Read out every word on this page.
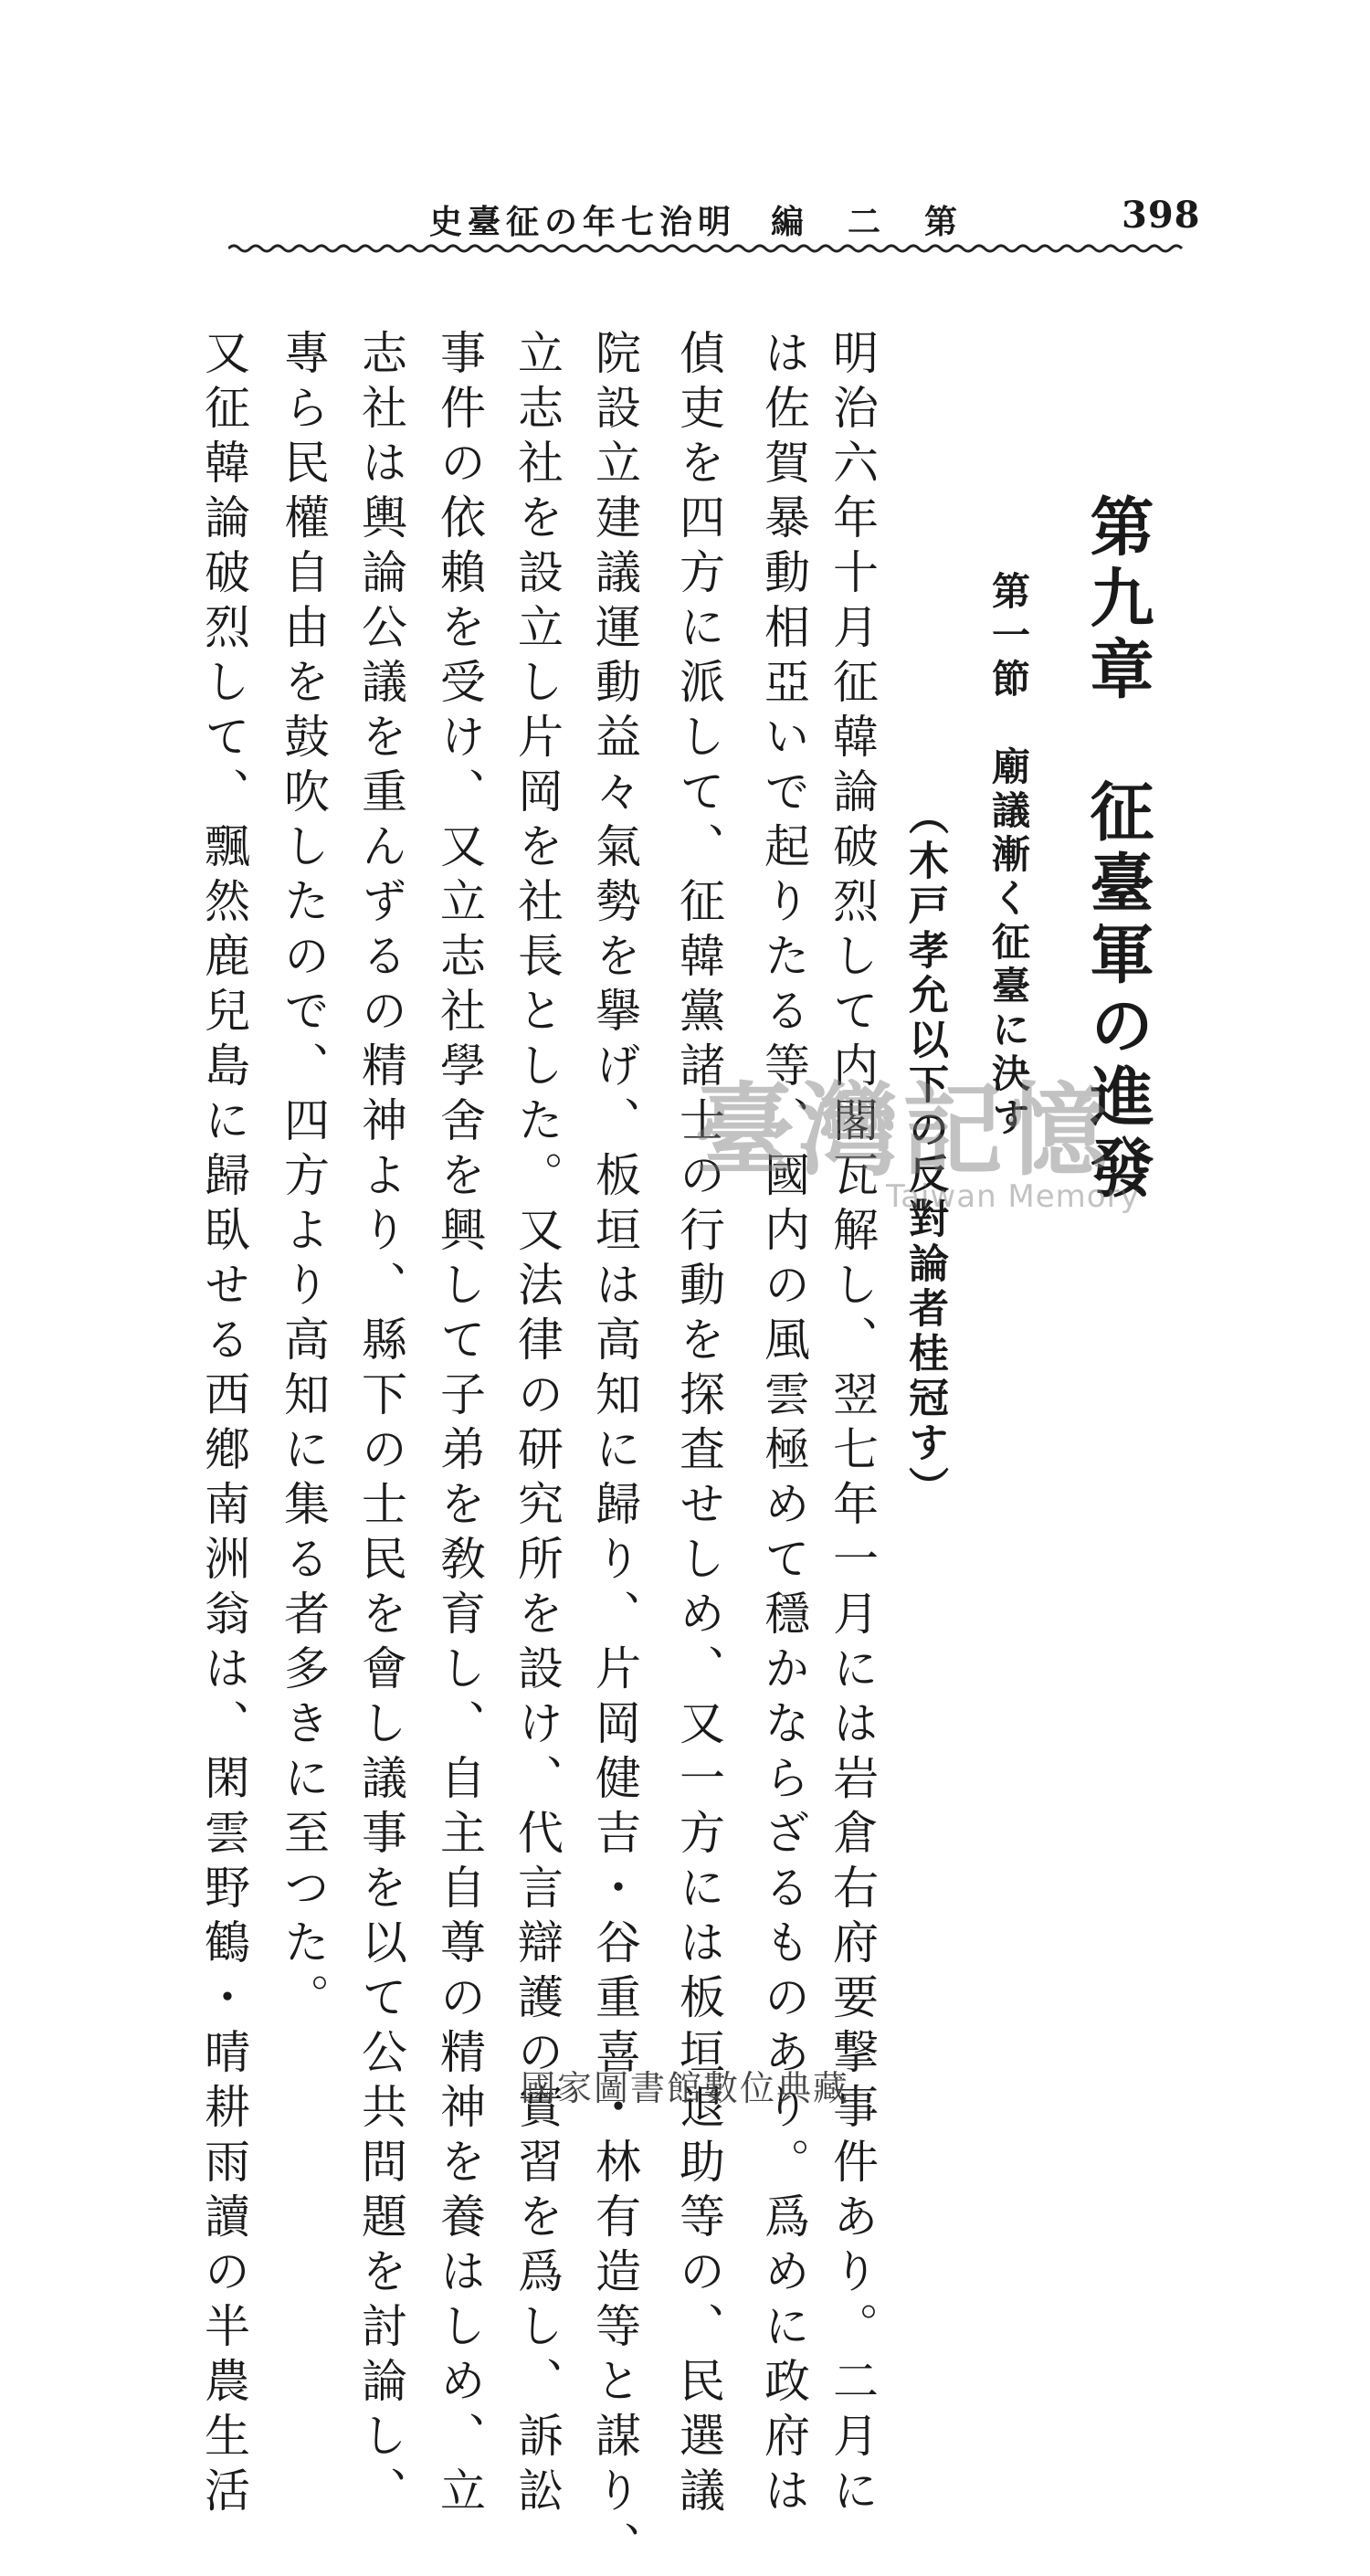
史臺征の年七治明 編　二　第	398
第九章　征臺軍の進發
第一節　廟議漸く征臺に決す
（木戸孝允以下の反對論者桂冠す）
明治六年十月征韓論破烈して内閣瓦解し、翌七年一月には岩倉右府要撃事件あり。二月に
は佐賀暴動相亞いで起りたる等、國内の風雲極めて穩かならざるものあり。爲めに政府は
偵吏を四方に派して、征韓黨諸士の行動を探査せしめ、又一方には板垣退助等の、民選議
院設立建議運動益々氣勢を擧げ、板垣は高知に歸り、片岡健吉・谷重喜・林有造等と謀り、
立志社を設立し片岡を社長とした。又法律の研究所を設け、代言辯護の實習を爲し、訴訟
事件の依賴を受け、又立志社學舍を興して子弟を敎育し、自主自尊の精神を養はしめ、立
志社は輿論公議を重んずるの精神より、縣下の士民を會し議事を以て公共問題を討論し、
專ら民權自由を鼓吹したので、四方より高知に集る者多きに至つた。
又征韓論破烈して、飄然鹿兒島に歸臥せる西鄕南洲翁は、閑雲野鶴・晴耕雨讀の半農生活	臺灣記憶
Taiwan Memory
國家圖書館數位典藏
